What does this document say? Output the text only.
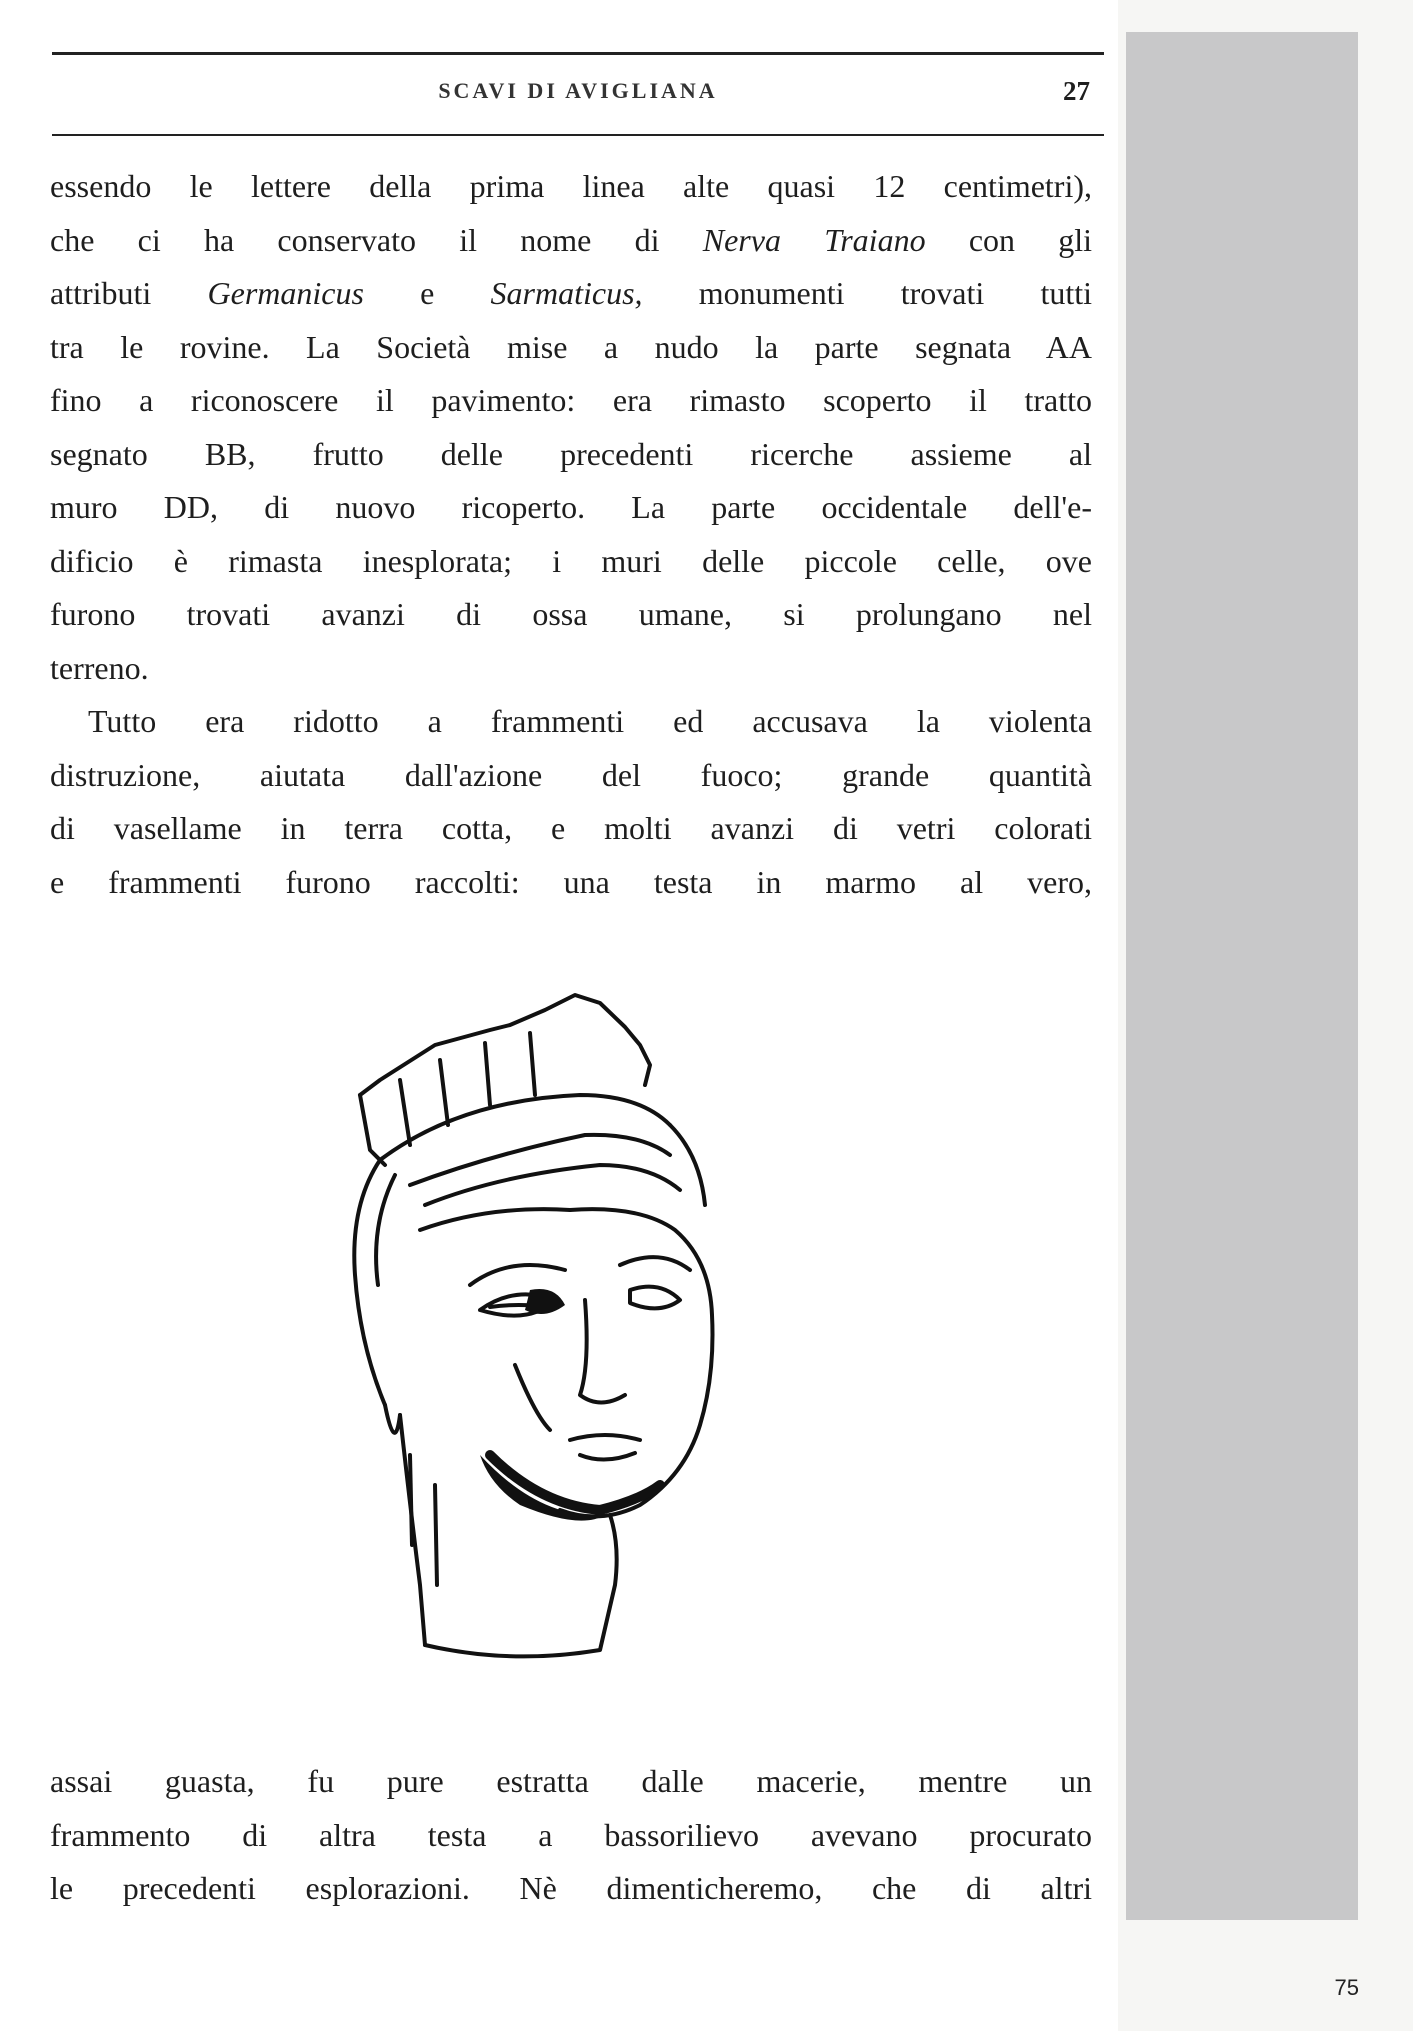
SCAVI DI AVIGLIANA	27
essendo le lettere della prima linea alte quasi 12 centimetri),
che ci ha conservato il nome di Nerva Traiano con gli
attributi Germanicus e Sarmaticus, monumenti trovati tutti
tra le rovine. La Società mise a nudo la parte segnata AA
fino a riconoscere il pavimento: era rimasto scoperto il tratto
segnato BB, frutto delle precedenti ricerche assieme al
muro DD, di nuovo ricoperto. La parte occidentale dell'e-
dificio è rimasta inesplorata; i muri delle piccole celle, ove
furono trovati avanzi di ossa umane, si prolungano nel
terreno.
Tutto era ridotto a frammenti ed accusava la violenta
distruzione, aiutata dall'azione del fuoco; grande quantità
di vasellame in terra cotta, e molti avanzi di vetri colorati
e frammenti furono raccolti: una testa in marmo al vero,
assai guasta, fu pure estratta dalle macerie, mentre un
frammento di altra testa a bassorilievo avevano procurato
le precedenti esplorazioni. Nè dimenticheremo, che di altri
75
